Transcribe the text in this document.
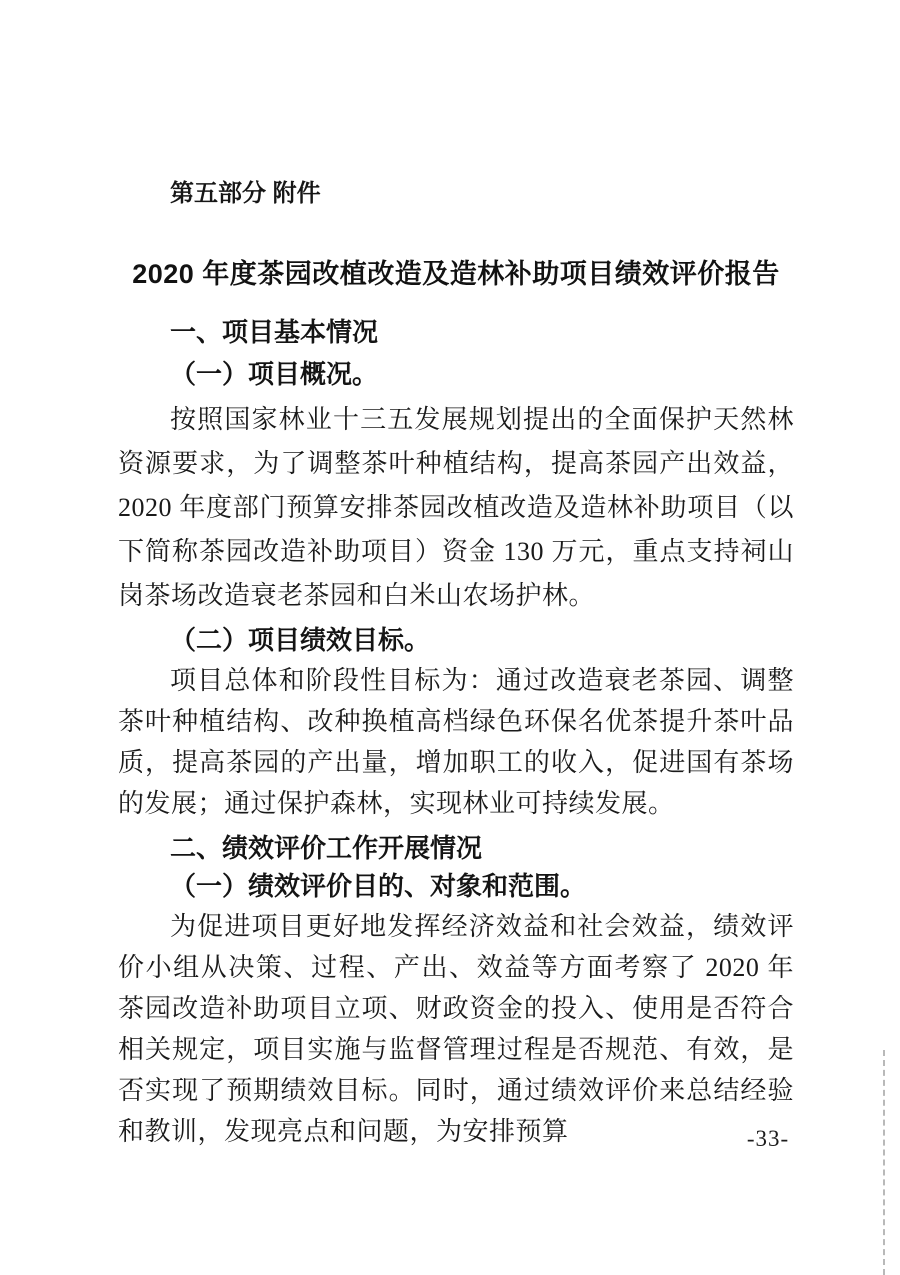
第五部分 附件
2020 年度茶园改植改造及造林补助项目绩效评价报告
一、项目基本情况
（一）项目概况。

按照国家林业十三五发展规划提出的全面保护天然林资源要求，为了调整茶叶种植结构，提高茶园产出效益，2020 年度部门预算安排茶园改植改造及造林补助项目（以下简称茶园改造补助项目）资金 130 万元，重点支持祠山岗茶场改造衰老茶园和白米山农场护林。

（二）项目绩效目标。

项目总体和阶段性目标为：通过改造衰老茶园、调整茶叶种植结构、改种换植高档绿色环保名优茶提升茶叶品质，提高茶园的产出量，增加职工的收入，促进国有茶场的发展；通过保护森林，实现林业可持续发展。

二、绩效评价工作开展情况
（一）绩效评价目的、对象和范围。

为促进项目更好地发挥经济效益和社会效益，绩效评价小组从决策、过程、产出、效益等方面考察了 2020 年茶园改造补助项目立项、财政资金的投入、使用是否符合相关规定，项目实施与监督管理过程是否规范、有效，是否实现了预期绩效目标。同时，通过绩效评价来总结经验和教训，发现亮点和问题，为安排预算	-33-
